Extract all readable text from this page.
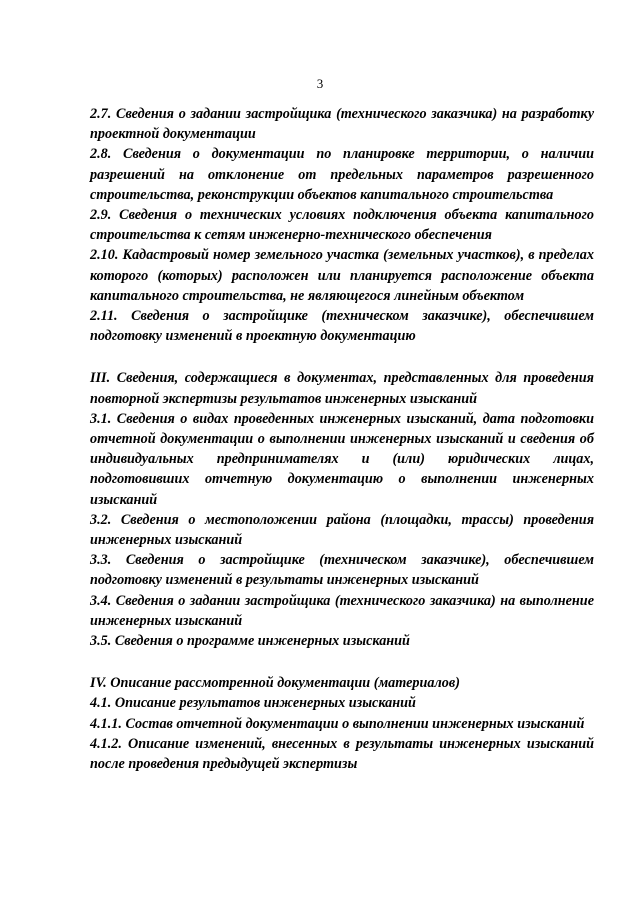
3

2.7. Сведения о задании застройщика (технического заказчика) на разработку проектной документации

2.8. Сведения о документации по планировке территории, о наличии разрешений на отклонение от предельных параметров разрешенного строительства, реконструкции объектов капитального строительства

2.9. Сведения о технических условиях подключения объекта капитального строительства к сетям инженерно-технического обеспечения

2.10. Кадастровый номер земельного участка (земельных участков), в пределах которого (которых) расположен или планируется расположение объекта капитального строительства, не являющегося линейным объектом

2.11. Сведения о застройщике (техническом заказчике), обеспечившем подготовку изменений в проектную документацию

III. Сведения, содержащиеся в документах, представленных для проведения повторной экспертизы результатов инженерных изысканий

3.1. Сведения о видах проведенных инженерных изысканий, дата подготовки отчетной документации о выполнении инженерных изысканий и сведения об индивидуальных предпринимателях и (или) юридических лицах, подготовивших отчетную документацию о выполнении инженерных изысканий

3.2. Сведения о местоположении района (площадки, трассы) проведения инженерных изысканий

3.3. Сведения о застройщике (техническом заказчике), обеспечившем подготовку изменений в результаты инженерных изысканий

3.4. Сведения о задании застройщика (технического заказчика) на выполнение инженерных изысканий

3.5. Сведения о программе инженерных изысканий

IV. Описание рассмотренной документации (материалов)

4.1. Описание результатов инженерных изысканий

4.1.1. Состав отчетной документации о выполнении инженерных изысканий

4.1.2. Описание изменений, внесенных в результаты инженерных изысканий после проведения предыдущей экспертизы
